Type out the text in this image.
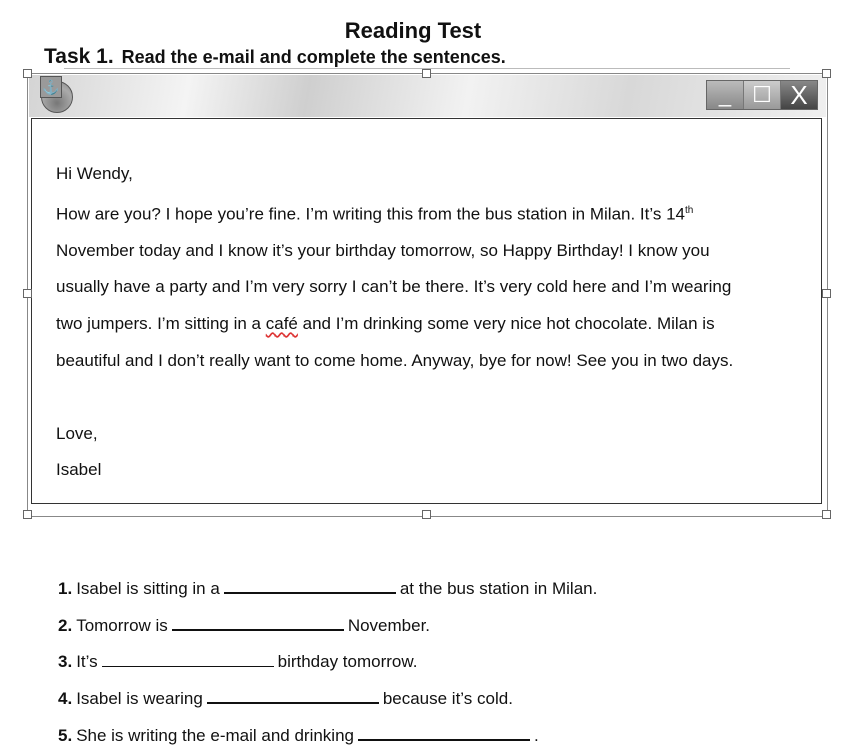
Reading Test
Task 1. Read the e-mail and complete the sentences.
⚓	_ ☐ X
Hi Wendy,
How are you? I hope you’re fine. I’m writing this from the bus station in Milan. It’s 14th
November today and I know it’s your birthday tomorrow, so Happy Birthday! I know you
usually have a party and I’m very sorry I can’t be there. It’s very cold here and I’m wearing
two jumpers. I’m sitting in a café and I’m drinking some very nice hot chocolate. Milan is
beautiful and I don’t really want to come home. Anyway, bye for now! See you in two days.
Love,
Isabel
1. Isabel is sitting in a	at the bus station in Milan.
2. Tomorrow is	November.
3. It’s	birthday tomorrow.
4. Isabel is wearing	because it’s cold.
5. She is writing the e-mail and drinking	.
